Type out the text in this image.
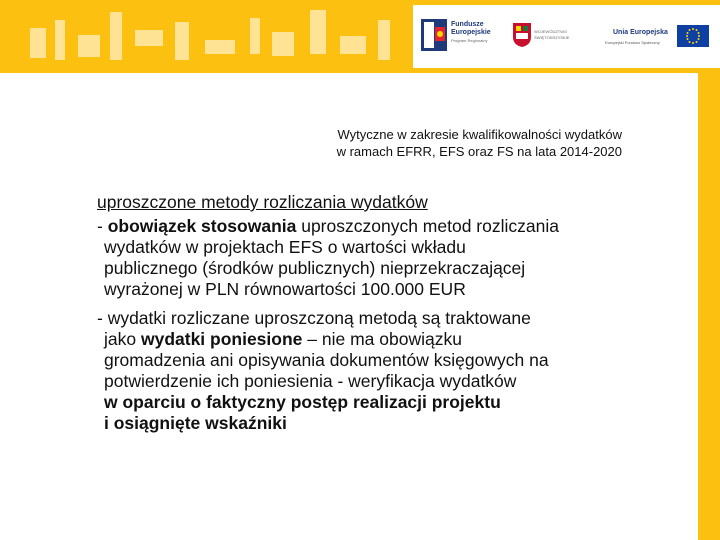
Fundusze
Europejskie
Program Regionalny
WOJEWÓDZTWO ŚWIĘTOKRZYSKIE
Unia Europejska
Europejski Fundusz Społeczny
Wytyczne w zakresie kwalifikowalności wydatków
w ramach EFRR, EFS oraz FS na lata 2014-2020
uproszczone metody rozliczania wydatków
- obowiązek stosowania uproszczonych metod rozliczania
wydatków w projektach EFS o wartości wkładu
publicznego (środków publicznych) nieprzekraczającej
wyrażonej w PLN równowartości 100.000 EUR
- wydatki rozliczane uproszczoną metodą są traktowane
jako wydatki poniesione – nie ma obowiązku
gromadzenia ani opisywania dokumentów księgowych na
potwierdzenie ich poniesienia - weryfikacja wydatków
w oparciu o faktyczny postęp realizacji projektu
i osiągnięte wskaźniki
